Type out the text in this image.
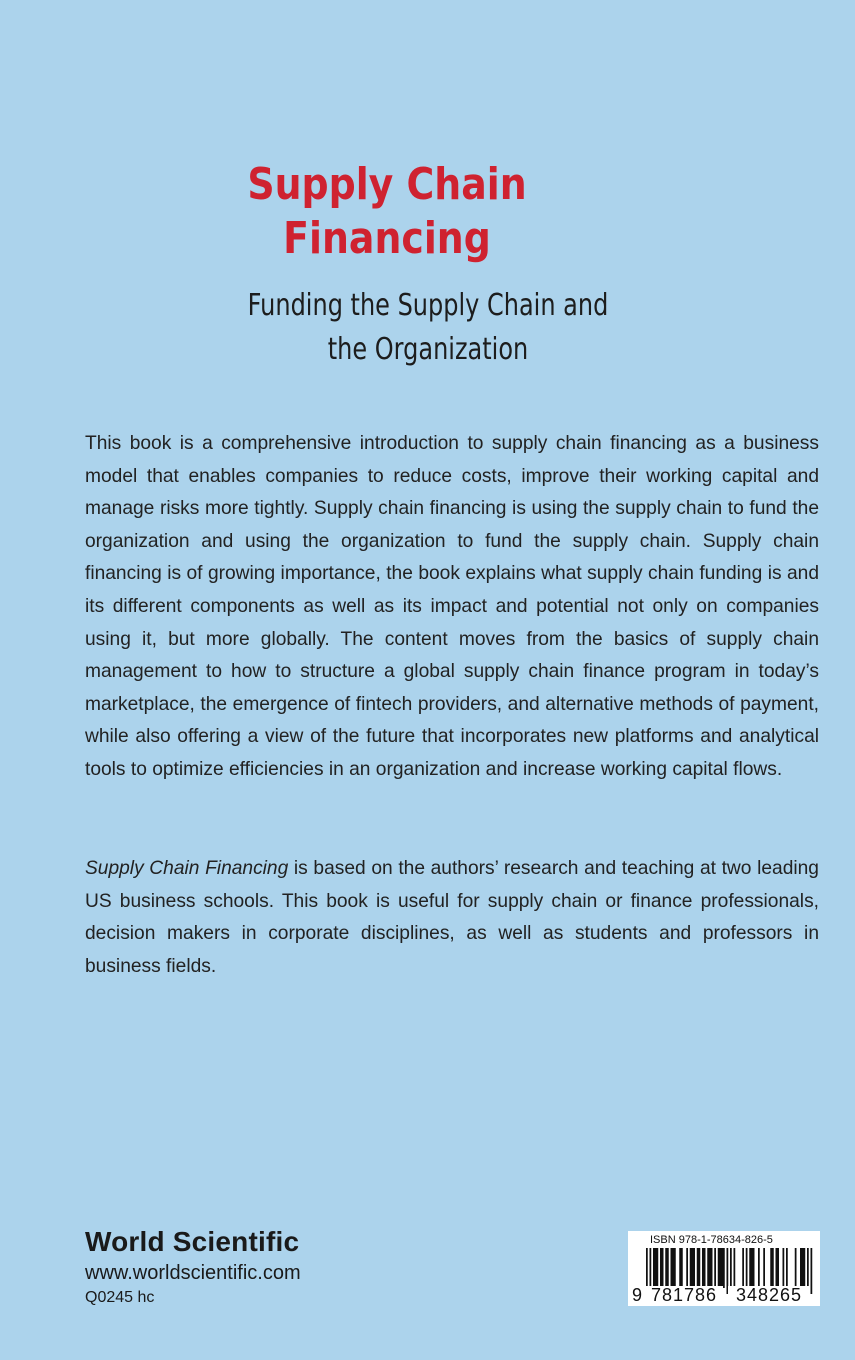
Supply Chain
Financing
Funding the Supply Chain and
the Organization

This book is a comprehensive introduction to supply chain financing as a business model that enables companies to reduce costs, improve their working capital and manage risks more tightly. Supply chain financing is using the supply chain to fund the organization and using the organization to fund the supply chain. Supply chain financing is of growing importance, the book explains what supply chain funding is and its different components as well as its impact and potential not only on companies using it, but more globally. The content moves from the basics of supply chain management to how to structure a global supply chain finance program in today’s marketplace, the emergence of fintech providers, and alternative methods of payment, while also offering a view of the future that incorporates new platforms and analytical tools to optimize efficiencies in an organization and increase working capital flows.

Supply Chain Financing is based on the authors’ research and teaching at two leading US business schools. This book is useful for supply chain or finance professionals, decision makers in corporate disciplines, as well as students and professors in business fields.

World Scientific
www.worldscientific.com
Q0245 hc
ISBN 978-1-78634-826-5
9 781786	348265
